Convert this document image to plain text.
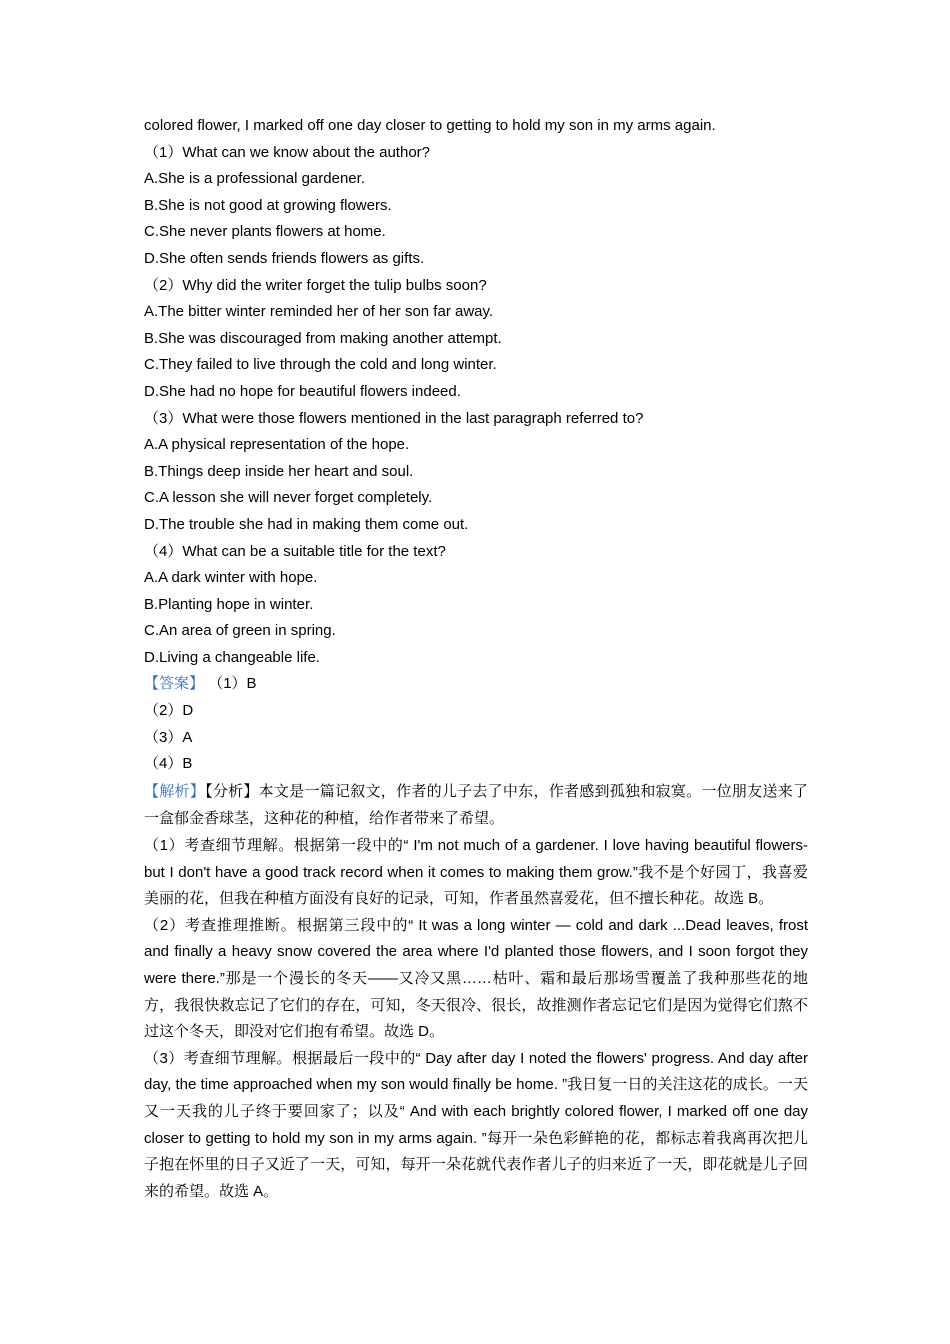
colored flower, I marked off one day closer to getting to hold my son in my arms again.
（1）What can we know about the author?
A.She is a professional gardener.
B.She is not good at growing flowers.
C.She never plants flowers at home.
D.She often sends friends flowers as gifts.
（2）Why did the writer forget the tulip bulbs soon?
A.The bitter winter reminded her of her son far away.
B.She was discouraged from making another attempt.
C.They failed to live through the cold and long winter.
D.She had no hope for beautiful flowers indeed.
（3）What were those flowers mentioned in the last paragraph referred to?
A.A physical representation of the hope.
B.Things deep inside her heart and soul.
C.A lesson she will never forget completely.
D.The trouble she had in making them come out.
（4）What can be a suitable title for the text?
A.A dark winter with hope.
B.Planting hope in winter.
C.An area of green in spring.
D.Living a changeable life.
【答案】 （1）B
（2）D
（3）A
（4）B
【解析】【分析】本文是一篇记叙文，作者的儿子去了中东，作者感到孤独和寂寞。一位朋友送来了一盒郁金香球茎，这种花的种植，给作者带来了希望。
（1）考查细节理解。根据第一段中的“ I'm not much of a gardener. I love having beautiful flowers-but I don't have a good track record when it comes to making them grow.”我不是个好园丁，我喜爱美丽的花，但我在种植方面没有良好的记录，可知，作者虽然喜爱花，但不擅长种花。故选 B。
（2）考查推理推断。根据第三段中的“ It was a long winter — cold and dark ...Dead leaves, frost and finally a heavy snow covered the area where I'd planted those flowers, and I soon forgot they were there.”那是一个漫长的冬天——又冷又黑……枯叶、霜和最后那场雪覆盖了我种那些花的地方，我很快救忘记了它们的存在，可知，冬天很冷、很长，故推测作者忘记它们是因为觉得它们熬不过这个冬天，即没对它们抱有希望。故选 D。
（3）考查细节理解。根据最后一段中的“ Day after day I noted the flowers' progress. And day after day, the time approached when my son would finally be home. ”我日复一日的关注这花的成长。一天又一天我的儿子终于要回家了；以及“ And with each brightly colored flower, I marked off one day closer to getting to hold my son in my arms again. ”每开一朵色彩鲜艳的花，都标志着我离再次把儿子抱在怀里的日子又近了一天，可知，每开一朵花就代表作者儿子的归来近了一天，即花就是儿子回来的希望。故选 A。
